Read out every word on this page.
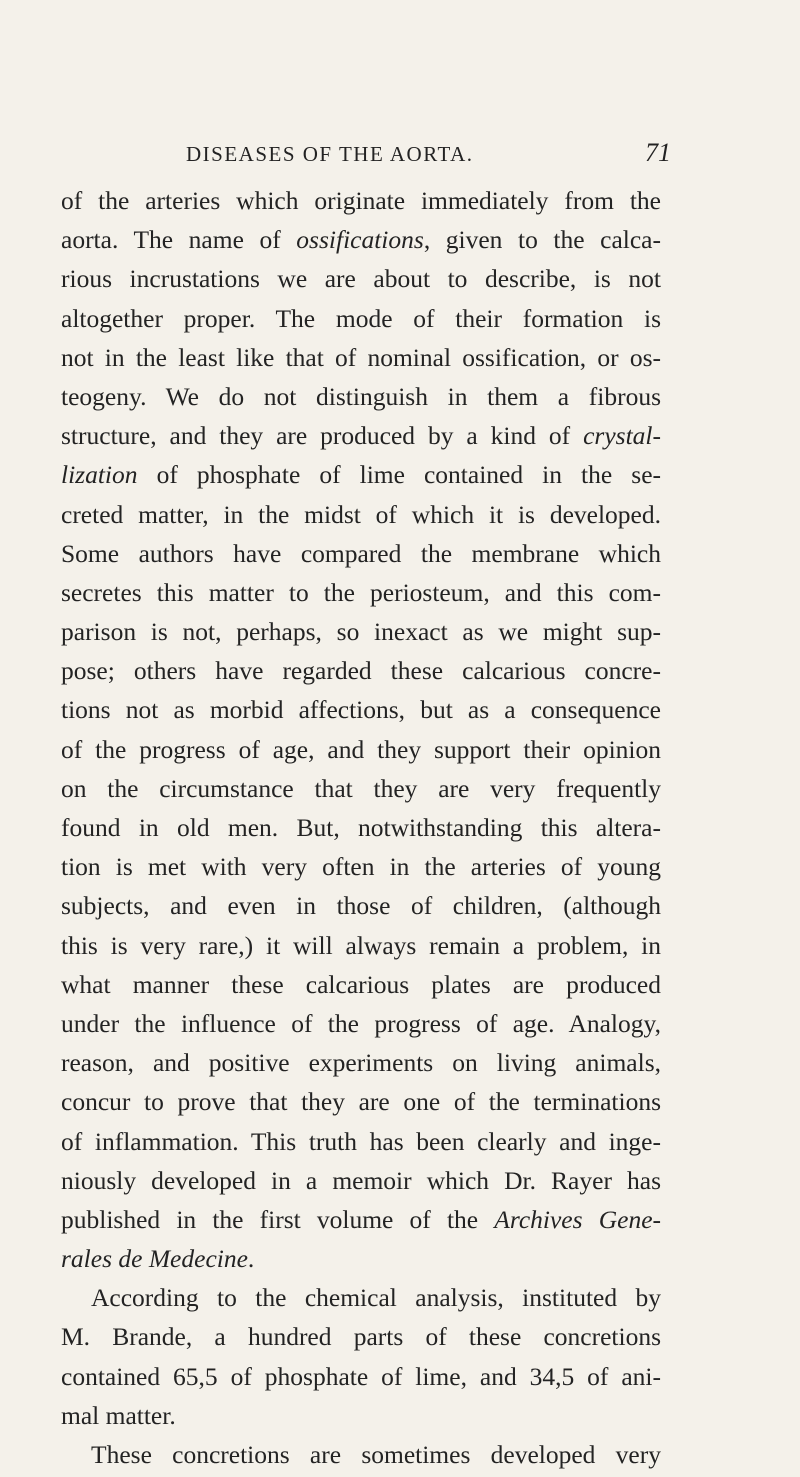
DISEASES OF THE AORTA.	71
of the arteries which originate immediately from the
aorta. The name of ossifications, given to the calca-
rious incrustations we are about to describe, is not
altogether proper. The mode of their formation is
not in the least like that of nominal ossification, or os-
teogeny. We do not distinguish in them a fibrous
structure, and they are produced by a kind of crystal-
lization of phosphate of lime contained in the se-
creted matter, in the midst of which it is developed.
Some authors have compared the membrane which
secretes this matter to the periosteum, and this com-
parison is not, perhaps, so inexact as we might sup-
pose; others have regarded these calcarious concre-
tions not as morbid affections, but as a consequence
of the progress of age, and they support their opinion
on the circumstance that they are very frequently
found in old men. But, notwithstanding this altera-
tion is met with very often in the arteries of young
subjects, and even in those of children, (although
this is very rare,) it will always remain a problem, in
what manner these calcarious plates are produced
under the influence of the progress of age. Analogy,
reason, and positive experiments on living animals,
concur to prove that they are one of the terminations
of inflammation. This truth has been clearly and inge-
niously developed in a memoir which Dr. Rayer has
published in the first volume of the Archives Gene-
rales de Medecine.
According to the chemical analysis, instituted by
M. Brande, a hundred parts of these concretions
contained 65,5 of phosphate of lime, and 34,5 of ani-
mal matter.
These concretions are sometimes developed very
